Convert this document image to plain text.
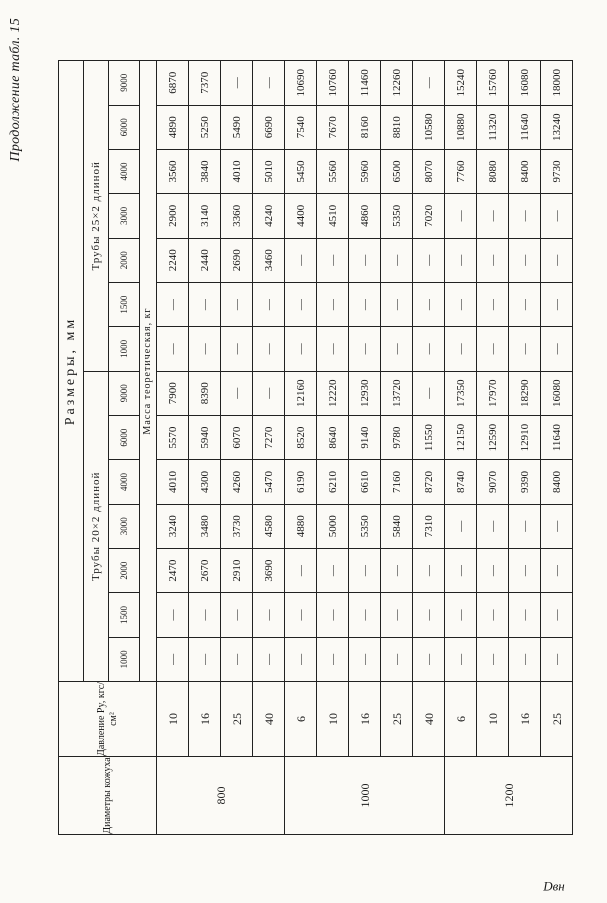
Продолжение табл. 15
Диаметры кожуха	Давление Py, кгс/см²	Размеры, мм													
		Трубы 20×2 длиной							Трубы 25×2 длиной						
		1000	1500	2000	3000	4000	6000	9000	1000	1500	2000	3000	4000	6000	9000
		Масса теоретическая, кг													
800	10	—	—	2470	3240	4010	5570	7900	—	—	2240	2900	3560	4890	6870
	16	—	—	2670	3480	4300	5940	8390	—	—	2440	3140	3840	5250	7370
	25	—	—	2910	3730	4260	6070	—	—	—	2690	3360	4010	5490	—
	40	—	—	3690	4580	5470	7270	—	—	—	3460	4240	5010	6690	—
1000	6	—	—	—	4880	6190	8520	12160	—	—	—	4400	5450	7540	10690
	10	—	—	—	5000	6210	8640	12220	—	—	—	4510	5560	7670	10760
	16	—	—	—	5350	6610	9140	12930	—	—	—	4860	5960	8160	11460
	25	—	—	—	5840	7160	9780	13720	—	—	—	5350	6500	8810	12260
	40	—	—	—	7310	8720	11550	—	—	—	—	7020	8070	10580	—
1200	6	—	—	—	—	8740	12150	17350	—	—	—	—	7760	10880	15240
	10	—	—	—	—	9070	12590	17970	—	—	—	—	8080	11320	15760
	16	—	—	—	—	9390	12910	18290	—	—	—	—	8400	11640	16080
	25	—	—	—	—	8400	11640	16080	—	—	—	—	9730	13240	18000
Dвн
